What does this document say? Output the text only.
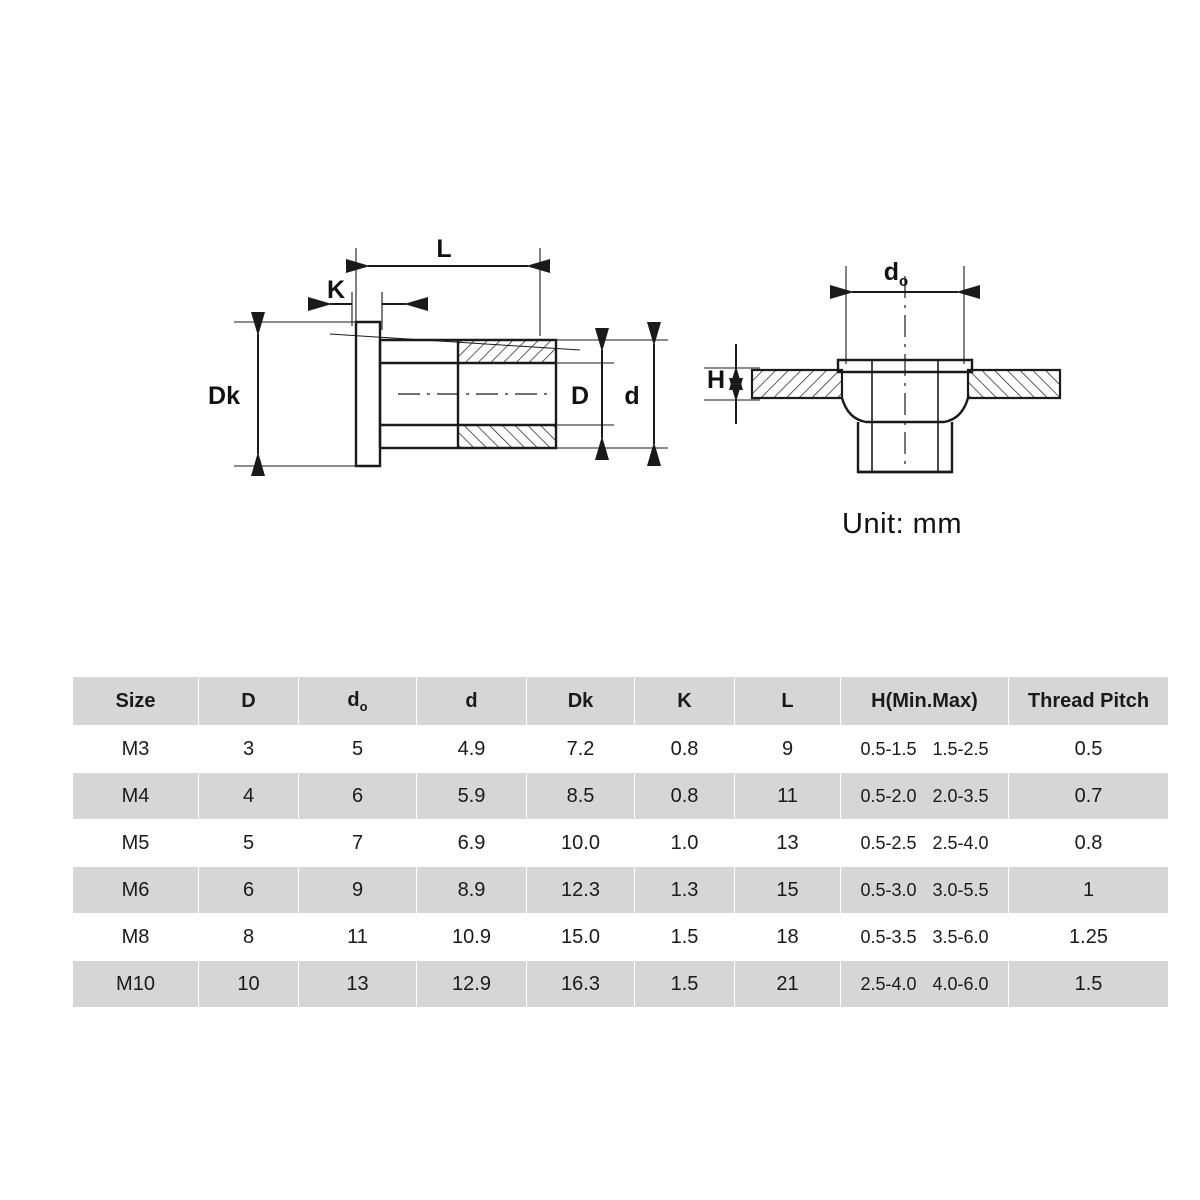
L
K
Dk	D d
$d_o$
H
Unit: mm
Size	D	$d_o$	d	Dk	K	L	H(Min.Max)	Thread Pitch
M3	3	5	4.9	7.2	0.8	9	0.5-1.5 1.5-2.5	0.5
M4	4	6	5.9	8.5	0.8	11	0.5-2.0 2.0-3.5	0.7
M5	5	7	6.9	10.0	1.0	13	0.5-2.5 2.5-4.0	0.8
M6	6	9	8.9	12.3	1.3	15	0.5-3.0 3.0-5.5	1
M8	8	11	10.9	15.0	1.5	18	0.5-3.5 3.5-6.0	1.25
M10	10	13	12.9	16.3	1.5	21	2.5-4.0 4.0-6.0	1.5
